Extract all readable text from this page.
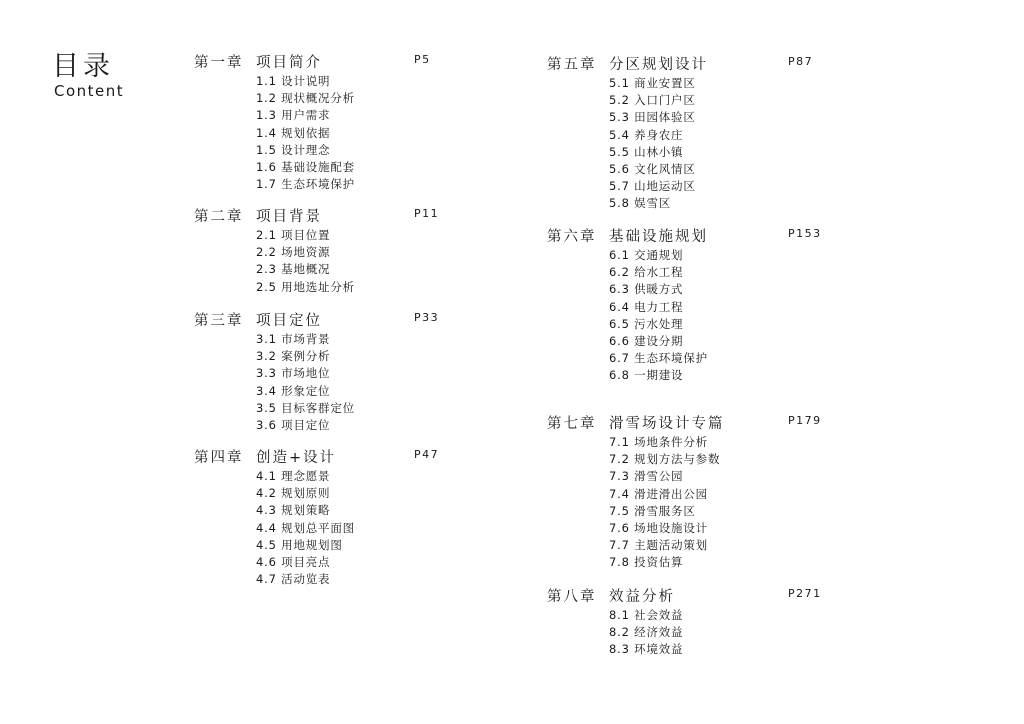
目录
Content
第一章 项目简介	P5
1.1 设计说明
1.2 现状概况分析
1.3 用户需求
1.4 规划依据
1.5 设计理念
1.6 基础设施配套
1.7 生态环境保护
第二章 项目背景	P11
2.1 项目位置
2.2 场地资源
2.3 基地概况
2.5 用地选址分析
第三章 项目定位	P33
3.1 市场背景
3.2 案例分析
3.3 市场地位
3.4 形象定位
3.5 目标客群定位
3.6 项目定位
第四章 创造+设计	P47
4.1 理念愿景
4.2 规划原则
4.3 规划策略
4.4 规划总平面图
4.5 用地规划图
4.6 项目亮点
4.7 活动览表
第五章 分区规划设计	P87
5.1 商业安置区
5.2 入口门户区
5.3 田园体验区
5.4 养身农庄
5.5 山林小镇
5.6 文化风情区
5.7 山地运动区
5.8 娱雪区
第六章 基础设施规划	P153
6.1 交通规划
6.2 给水工程
6.3 供暖方式
6.4 电力工程
6.5 污水处理
6.6 建设分期
6.7 生态环境保护
6.8 一期建设
第七章 滑雪场设计专篇	P179
7.1 场地条件分析
7.2 规划方法与参数
7.3 滑雪公园
7.4 滑进滑出公园
7.5 滑雪服务区
7.6 场地设施设计
7.7 主题活动策划
7.8 投资估算
第八章 效益分析	P271
8.1 社会效益
8.2 经济效益
8.3 环境效益
